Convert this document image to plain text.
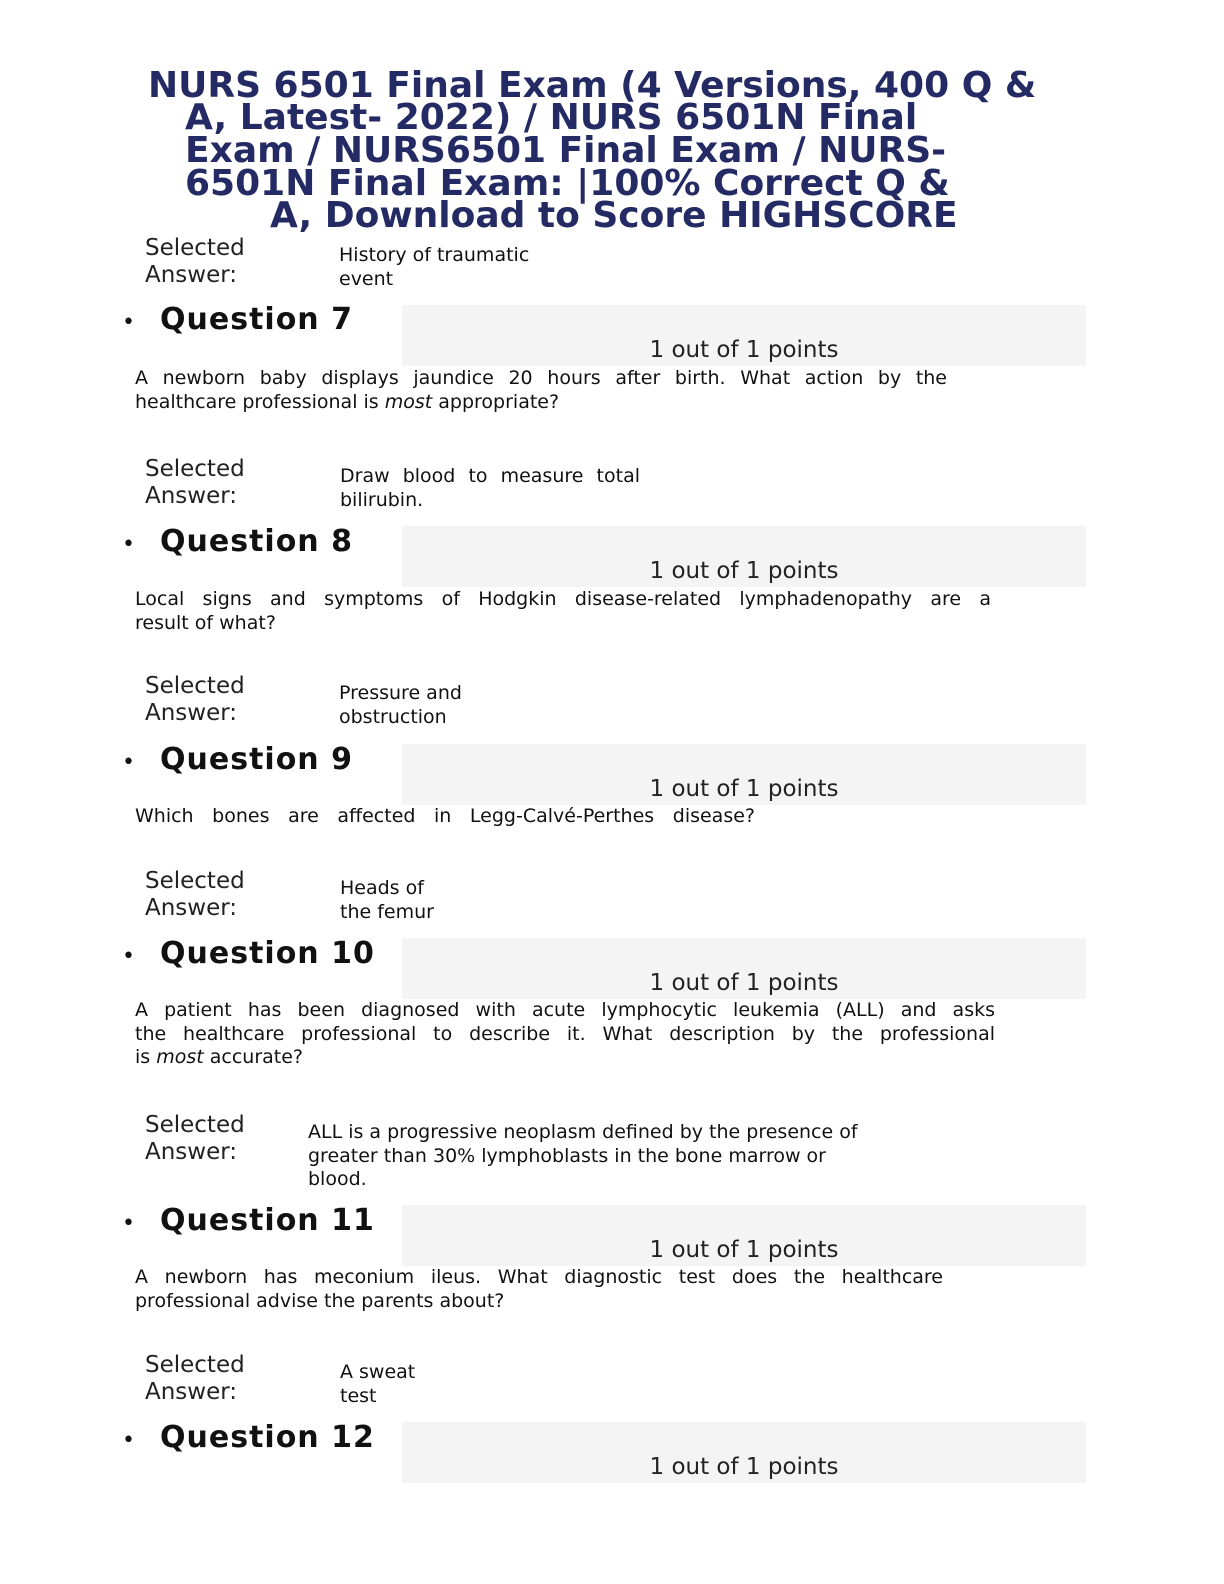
NURS 6501 Final Exam (4 Versions, 400 Q &
A, Latest- 2022) / NURS 6501N Final
Exam / NURS6501 Final Exam / NURS-
6501N Final Exam: |100% Correct Q &
A, Download to Score HIGHSCORE
Selected
Answer:
History of traumatic
event
• Question 7
1 out of 1 points
A newborn baby displays jaundice 20 hours after birth. What action by the
healthcare professional is most appropriate?
Selected
Answer:
Draw blood to measure total
bilirubin.
• Question 8
1 out of 1 points
Local signs and symptoms of Hodgkin disease-related lymphadenopathy are a
result of what?
Selected
Answer:
Pressure and
obstruction
• Question 9
1 out of 1 points
Which bones are affected in Legg-Calvé-Perthes disease?
Selected
Answer:
Heads of
the femur
• Question 10
1 out of 1 points
A patient has been diagnosed with acute lymphocytic leukemia (ALL) and asks
the healthcare professional to describe it. What description by the professional
is most accurate?
Selected
Answer:
ALL is a progressive neoplasm defined by the presence of
greater than 30% lymphoblasts in the bone marrow or
blood.
• Question 11
1 out of 1 points
A newborn has meconium ileus. What diagnostic test does the healthcare
professional advise the parents about?
Selected
Answer:
A sweat
test
• Question 12
1 out of 1 points
